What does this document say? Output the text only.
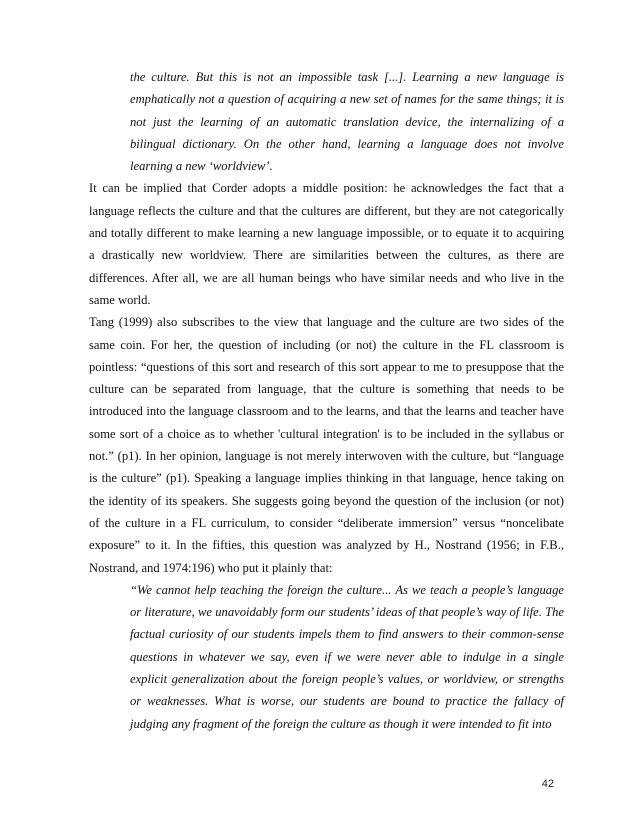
the culture. But this is not an impossible task [...]. Learning a new language is emphatically not a question of acquiring a new set of names for the same things; it is not just the learning of an automatic translation device, the internalizing of a bilingual dictionary. On the other hand, learning a language does not involve learning a new ‘worldview’.

It can be implied that Corder adopts a middle position: he acknowledges the fact that a language reflects the culture and that the cultures are different, but they are not categorically and totally different to make learning a new language impossible, or to equate it to acquiring a drastically new worldview. There are similarities between the cultures, as there are differences. After all, we are all human beings who have similar needs and who live in the same world.

Tang (1999) also subscribes to the view that language and the culture are two sides of the same coin. For her, the question of including (or not) the culture in the FL classroom is pointless: “questions of this sort and research of this sort appear to me to presuppose that the culture can be separated from language, that the culture is something that needs to be introduced into the language classroom and to the learns, and that the learns and teacher have some sort of a choice as to whether 'cultural integration' is to be included in the syllabus or not.” (p1). In her opinion, language is not merely interwoven with the culture, but “language is the culture” (p1). Speaking a language implies thinking in that language, hence taking on the identity of its speakers. She suggests going beyond the question of the inclusion (or not) of the culture in a FL curriculum, to consider “deliberate immersion” versus “noncelibate exposure” to it. In the fifties, this question was analyzed by H., Nostrand (1956; in F.B., Nostrand, and 1974:196) who put it plainly that:

“We cannot help teaching the foreign the culture... As we teach a people’s language or literature, we unavoidably form our students’ ideas of that people’s way of life. The factual curiosity of our students impels them to find answers to their common-sense questions in whatever we say, even if we were never able to indulge in a single explicit generalization about the foreign people’s values, or worldview, or strengths or weaknesses. What is worse, our students are bound to practice the fallacy of judging any fragment of the foreign the culture as though it were intended to fit into

42
